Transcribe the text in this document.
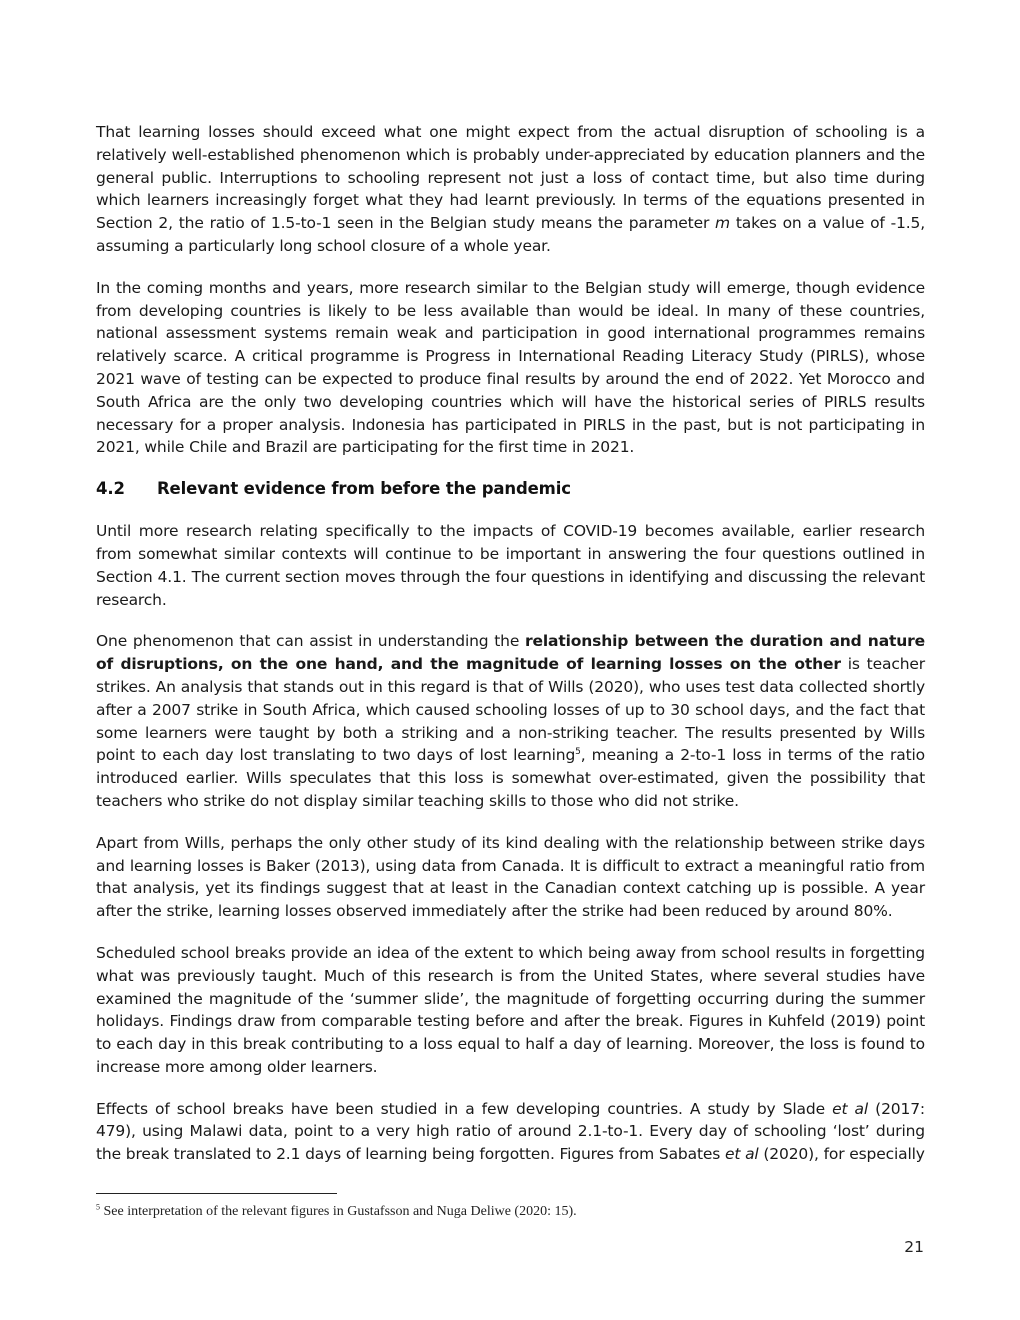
That learning losses should exceed what one might expect from the actual disruption of schooling is a relatively well-established phenomenon which is probably under-appreciated by education planners and the general public. Interruptions to schooling represent not just a loss of contact time, but also time during which learners increasingly forget what they had learnt previously. In terms of the equations presented in Section 2, the ratio of 1.5-to-1 seen in the Belgian study means the parameter m takes on a value of -1.5, assuming a particularly long school closure of a whole year.

In the coming months and years, more research similar to the Belgian study will emerge, though evidence from developing countries is likely to be less available than would be ideal. In many of these countries, national assessment systems remain weak and participation in good international programmes remains relatively scarce. A critical programme is Progress in International Reading Literacy Study (PIRLS), whose 2021 wave of testing can be expected to produce final results by around the end of 2022. Yet Morocco and South Africa are the only two developing countries which will have the historical series of PIRLS results necessary for a proper analysis. Indonesia has participated in PIRLS in the past, but is not participating in 2021, while Chile and Brazil are participating for the first time in 2021.

4.2	Relevant evidence from before the pandemic

Until more research relating specifically to the impacts of COVID-19 becomes available, earlier research from somewhat similar contexts will continue to be important in answering the four questions outlined in Section 4.1. The current section moves through the four questions in identifying and discussing the relevant research.

One phenomenon that can assist in understanding the relationship between the duration and nature of disruptions, on the one hand, and the magnitude of learning losses on the other is teacher strikes. An analysis that stands out in this regard is that of Wills (2020), who uses test data collected shortly after a 2007 strike in South Africa, which caused schooling losses of up to 30 school days, and the fact that some learners were taught by both a striking and a non-striking teacher. The results presented by Wills point to each day lost translating to two days of lost learning$^5$, meaning a 2-to-1 loss in terms of the ratio introduced earlier. Wills speculates that this loss is somewhat over-estimated, given the possibility that teachers who strike do not display similar teaching skills to those who did not strike.

Apart from Wills, perhaps the only other study of its kind dealing with the relationship between strike days and learning losses is Baker (2013), using data from Canada. It is difficult to extract a meaningful ratio from that analysis, yet its findings suggest that at least in the Canadian context catching up is possible. A year after the strike, learning losses observed immediately after the strike had been reduced by around 80%.

Scheduled school breaks provide an idea of the extent to which being away from school results in forgetting what was previously taught. Much of this research is from the United States, where several studies have examined the magnitude of the ‘summer slide’, the magnitude of forgetting occurring during the summer holidays. Findings draw from comparable testing before and after the break. Figures in Kuhfeld (2019) point to each day in this break contributing to a loss equal to half a day of learning. Moreover, the loss is found to increase more among older learners.

Effects of school breaks have been studied in a few developing countries. A study by Slade et al (2017: 479), using Malawi data, point to a very high ratio of around 2.1-to-1. Every day of schooling ‘lost’ during the break translated to 2.1 days of learning being forgotten. Figures from Sabates et al (2020), for especially

$^5$ See interpretation of the relevant figures in Gustafsson and Nuga Deliwe (2020: 15).
21
